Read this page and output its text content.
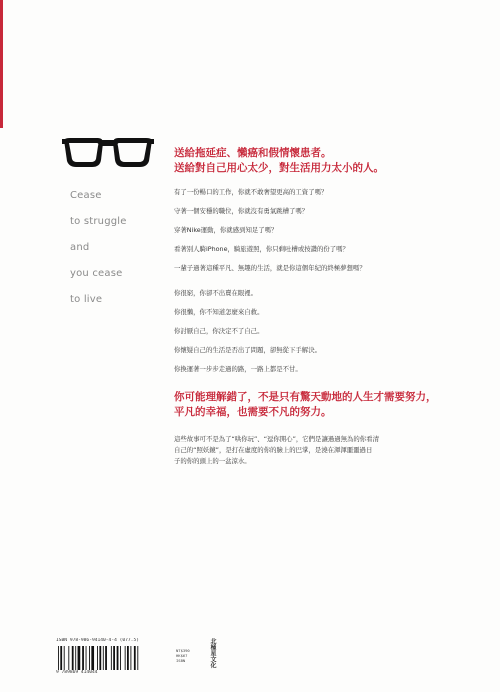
Cease
to struggle
and
you cease
to live
送給拖延症、懶癌和假情懷患者。
送給對自己用心太少，對生活用力太小的人。
有了一份暢口的工作，你就不敢奢望更高的工資了嗎？
守著一個安穩的職位，你就沒有勇氣跳槽了嗎？
穿著Nike運動，你就感到知足了嗎？
看著別人騎iPhone，騎旅遊照，你只剩吐槽或按讚的份了嗎？
一輩子過著這種平凡、無趣的生活，就是你這個年紀的終極夢想嗎？
你很窮，你卻不出賣在眼裡。
你很懶，你不知道怎麼來自救。
你討厭自己，你決定不了自己。
你懷疑自己的生活是否出了問題，卻無從下手解決。
你換運著一步步走過的路，一路上都是不甘。
你可能理解錯了，不是只有驚天動地的人生才需要努力，
平凡的幸福，也需要不凡的努力。
這些故事可不是為了“哄你玩”、“逗你開心”，它們是讓過過無為的你看清
自己的“照妖鏡”，是打在虛度的你的臉上的巴掌，是澆在渾渾噩噩過日
子的你的頭上的一盆涼水。
ISBN 978-986-94140-4-4 (077.5)
9 789869 414044
NT$390
HK$67
ISBN	北極星文化
